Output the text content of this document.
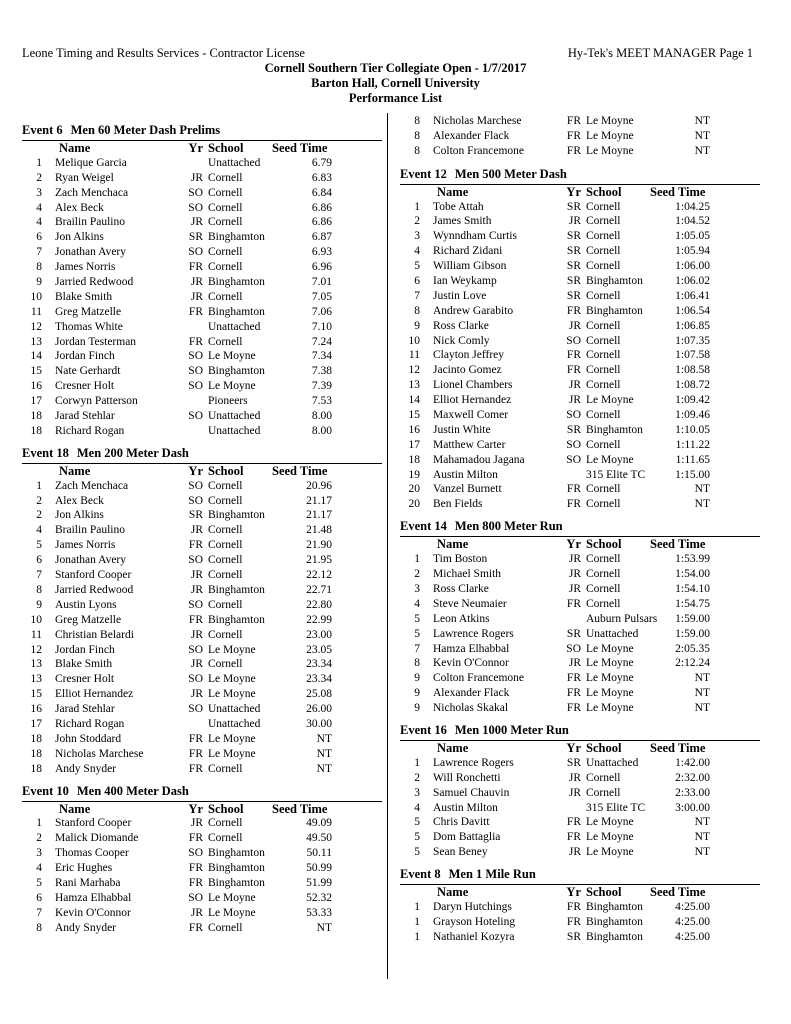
Leone Timing and Results Services - Contractor License	Hy-Tek's MEET MANAGER Page 1
Cornell Southern Tier Collegiate Open - 1/7/2017
Barton Hall, Cornell University
Performance List
Event 6 Men 60 Meter Dash Prelims
Name	Yr School Seed Time
1 Melique Garcia	Unattached	6.79
2 Ryan Weigel	JR Cornell	6.83
3 Zach Menchaca	SO Cornell	6.84
4 Alex Beck	SO Cornell	6.86
4 Brailin Paulino	JR Cornell	6.86
6 Jon Alkins	SR Binghamton	6.87
7 Jonathan Avery	SO Cornell	6.93
8 James Norris	FR Cornell	6.96
9 Jarried Redwood	JR Binghamton	7.01
10 Blake Smith	JR Cornell	7.05
11 Greg Matzelle	FR Binghamton	7.06
12 Thomas White	Unattached	7.10
13 Jordan Testerman	FR Cornell	7.24
14 Jordan Finch	SO Le Moyne	7.34
15 Nate Gerhardt	SO Binghamton	7.38
16 Cresner Holt	SO Le Moyne	7.39
17 Corwyn Patterson	Pioneers	7.53
18 Jarad Stehlar	SO Unattached	8.00
18 Richard Rogan	Unattached	8.00
Event 18 Men 200 Meter Dash
Name	Yr School Seed Time
1 Zach Menchaca	SO Cornell	20.96
2 Alex Beck	SO Cornell	21.17
2 Jon Alkins	SR Binghamton	21.17
4 Brailin Paulino	JR Cornell	21.48
5 James Norris	FR Cornell	21.90
6 Jonathan Avery	SO Cornell	21.95
7 Stanford Cooper	JR Cornell	22.12
8 Jarried Redwood	JR Binghamton	22.71
9 Austin Lyons	SO Cornell	22.80
10 Greg Matzelle	FR Binghamton	22.99
11 Christian Belardi	JR Cornell	23.00
12 Jordan Finch	SO Le Moyne	23.05
13 Blake Smith	JR Cornell	23.34
13 Cresner Holt	SO Le Moyne	23.34
15 Elliot Hernandez	JR Le Moyne	25.08
16 Jarad Stehlar	SO Unattached	26.00
17 Richard Rogan	Unattached	30.00
18 John Stoddard	FR Le Moyne	NT
18 Nicholas Marchese	FR Le Moyne	NT
18 Andy Snyder	FR Cornell	NT
Event 10 Men 400 Meter Dash
Name	Yr School Seed Time
1 Stanford Cooper	JR Cornell	49.09
2 Malick Diomande	FR Cornell	49.50
3 Thomas Cooper	SO Binghamton	50.11
4 Eric Hughes	FR Binghamton	50.99
5 Rani Marhaba	FR Binghamton	51.99
6 Hamza Elhabbal	SO Le Moyne	52.32
7 Kevin O'Connor	JR Le Moyne	53.33
8 Andy Snyder	FR Cornell	NT
8 Nicholas Marchese	FR Le Moyne	NT
8 Alexander Flack	FR Le Moyne	NT
8 Colton Francemone	FR Le Moyne	NT
Event 12 Men 500 Meter Dash
Name	Yr School Seed Time
1 Tobe Attah	SR Cornell	1:04.25
2 James Smith	JR Cornell	1:04.52
3 Wynndham Curtis	SR Cornell	1:05.05
4 Richard Zidani	SR Cornell	1:05.94
5 William Gibson	SR Cornell	1:06.00
6 Ian Weykamp	SR Binghamton	1:06.02
7 Justin Love	SR Cornell	1:06.41
8 Andrew Garabito	FR Binghamton	1:06.54
9 Ross Clarke	JR Cornell	1:06.85
10 Nick Comly	SO Cornell	1:07.35
11 Clayton Jeffrey	FR Cornell	1:07.58
12 Jacinto Gomez	FR Cornell	1:08.58
13 Lionel Chambers	JR Cornell	1:08.72
14 Elliot Hernandez	JR Le Moyne	1:09.42
15 Maxwell Comer	SO Cornell	1:09.46
16 Justin White	SR Binghamton	1:10.05
17 Matthew Carter	SO Cornell	1:11.22
18 Mahamadou Jagana	SO Le Moyne	1:11.65
19 Austin Milton	315 Elite TC	1:15.00
20 Vanzel Burnett	FR Cornell	NT
20 Ben Fields	FR Cornell	NT
Event 14 Men 800 Meter Run
Name	Yr School Seed Time
1 Tim Boston	JR Cornell	1:53.99
2 Michael Smith	JR Cornell	1:54.00
3 Ross Clarke	JR Cornell	1:54.10
4 Steve Neumaier	FR Cornell	1:54.75
5 Leon Atkins	Auburn Pulsars	1:59.00
5 Lawrence Rogers	SR Unattached	1:59.00
7 Hamza Elhabbal	SO Le Moyne	2:05.35
8 Kevin O'Connor	JR Le Moyne	2:12.24
9 Colton Francemone	FR Le Moyne	NT
9 Alexander Flack	FR Le Moyne	NT
9 Nicholas Skakal	FR Le Moyne	NT
Event 16 Men 1000 Meter Run
Name	Yr School Seed Time
1 Lawrence Rogers	SR Unattached	1:42.00
2 Will Ronchetti	JR Cornell	2:32.00
3 Samuel Chauvin	JR Cornell	2:33.00
4 Austin Milton	315 Elite TC	3:00.00
5 Chris Davitt	FR Le Moyne	NT
5 Dom Battaglia	FR Le Moyne	NT
5 Sean Beney	JR Le Moyne	NT
Event 8 Men 1 Mile Run
Name	Yr School Seed Time
1 Daryn Hutchings	FR Binghamton	4:25.00
1 Grayson Hoteling	FR Binghamton	4:25.00
1 Nathaniel Kozyra	SR Binghamton	4:25.00
